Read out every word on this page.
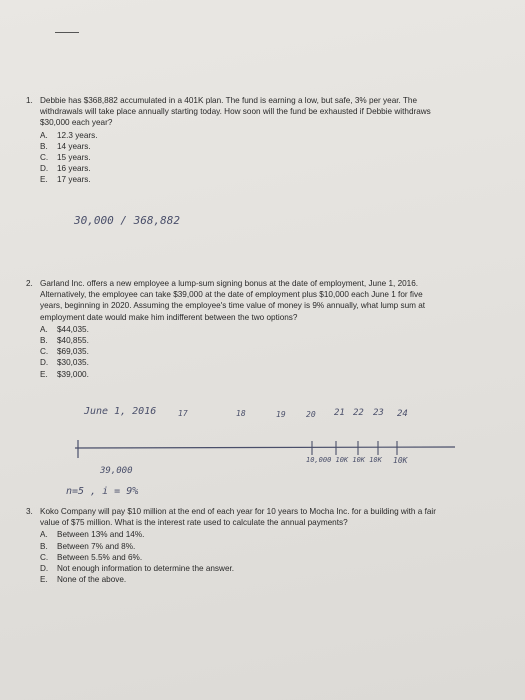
1. Debbie has $368,882 accumulated in a 401K plan. The fund is earning a low, but safe, 3% per year. The
withdrawals will take place annually starting today. How soon will the fund be exhausted if Debbie withdraws
$30,000 each year?
A.	12.3 years.
B.	14 years.
C.	15 years.
D.	16 years.
E.	17 years.
30,000 / 368,882
2. Garland Inc. offers a new employee a lump-sum signing bonus at the date of employment, June 1, 2016.
Alternatively, the employee can take $39,000 at the date of employment plus $10,000 each June 1 for five
years, beginning in 2020. Assuming the employee's time value of money is 9% annually, what lump sum at
employment date would make him indifferent between the two options?
A.	$44,035.
B.	$40,855.
C.	$69,035.
D.	$30,035.
E.	$39,000.
June 1, 2016	17	18	19	20 21 22 23 24
10,000 10K 10K 10K 10K
39,000
n=5 , i = 9%
3. Koko Company will pay $10 million at the end of each year for 10 years to Mocha Inc. for a building with a fair
value of $75 million. What is the interest rate used to calculate the annual payments?
A.	Between 13% and 14%.
B.	Between 7% and 8%.
C.	Between 5.5% and 6%.
D.	Not enough information to determine the answer.
E.	None of the above.
